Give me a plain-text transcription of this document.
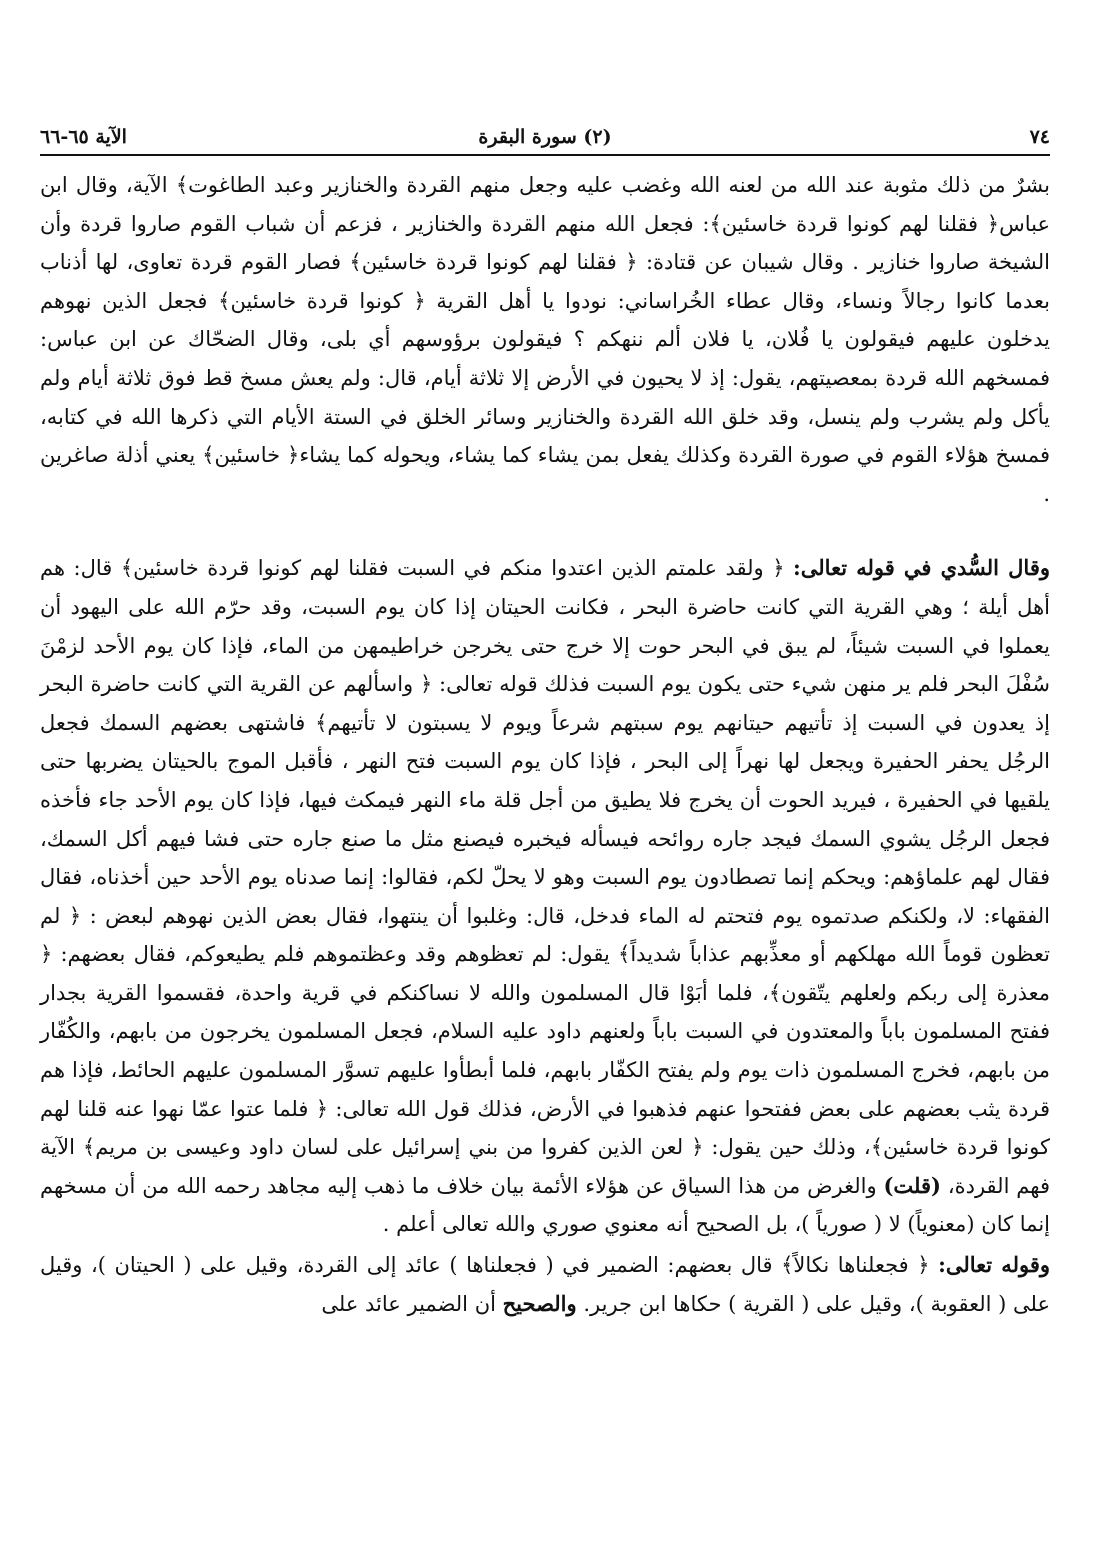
٧٤
(٢) سورة البقرة
الآية ٦٥-٦٦

بشرٌ من ذلك مثوبة عند الله من لعنه الله وغضب عليه وجعل منهم القردة والخنازير وعبد الطاغوت﴾ الآية، وقال ابن عباس﴿ فقلنا لهم كونوا قردة خاسئين﴾: فجعل الله منهم القردة والخنازير ، فزعم أن شباب القوم صاروا قردة وأن الشيخة صاروا خنازير . وقال شيبان عن قتادة: ﴿ فقلنا لهم كونوا قردة خاسئين﴾ فصار القوم قردة تعاوى، لها أذناب بعدما كانوا رجالاً ونساء، وقال عطاء الخُراساني: نودوا يا أهل القرية ﴿ كونوا قردة خاسئين﴾ فجعل الذين نهوهم يدخلون عليهم فيقولون يا فُلان، يا فلان ألم ننهكم ؟ فيقولون برؤوسهم أي بلى، وقال الضحّاك عن ابن عباس: فمسخهم الله قردة بمعصيتهم، يقول: إذ لا يحيون في الأرض إلا ثلاثة أيام، قال: ولم يعش مسخ قط فوق ثلاثة أيام ولم يأكل ولم يشرب ولم ينسل، وقد خلق الله القردة والخنازير وسائر الخلق في الستة الأيام التي ذكرها الله في كتابه، فمسخ هؤلاء القوم في صورة القردة وكذلك يفعل بمن يشاء كما يشاء، ويحوله كما يشاء﴿ خاسئين﴾ يعني أذلة صاغرين .

وقال السُّدي في قوله تعالى: ﴿ ولقد علمتم الذين اعتدوا منكم في السبت فقلنا لهم كونوا قردة خاسئين﴾ قال: هم أهل أيلة ؛ وهي القرية التي كانت حاضرة البحر ، فكانت الحيتان إذا كان يوم السبت، وقد حرّم الله على اليهود أن يعملوا في السبت شيئاً، لم يبق في البحر حوت إلا خرج حتى يخرجن خراطيمهن من الماء، فإذا كان يوم الأحد لزمْنَ سُفْلَ البحر فلم ير منهن شيء حتى يكون يوم السبت فذلك قوله تعالى: ﴿ واسألهم عن القرية التي كانت حاضرة البحر إذ يعدون في السبت إذ تأتيهم حيتانهم يوم سبتهم شرعاً ويوم لا يسبتون لا تأتيهم﴾ فاشتهى بعضهم السمك فجعل الرجُل يحفر الحفيرة ويجعل لها نهراً إلى البحر ، فإذا كان يوم السبت فتح النهر ، فأقبل الموج بالحيتان يضربها حتى يلقيها في الحفيرة ، فيريد الحوت أن يخرج فلا يطيق من أجل قلة ماء النهر فيمكث فيها، فإذا كان يوم الأحد جاء فأخذه فجعل الرجُل يشوي السمك فيجد جاره روائحه فيسأله فيخبره فيصنع مثل ما صنع جاره حتى فشا فيهم أكل السمك، فقال لهم علماؤهم: ويحكم إنما تصطادون يوم السبت وهو لا يحلّ لكم، فقالوا: إنما صدناه يوم الأحد حين أخذناه، فقال الفقهاء: لا، ولكنكم صدتموه يوم فتحتم له الماء فدخل، قال: وغلبوا أن ينتهوا، فقال بعض الذين نهوهم لبعض : ﴿ لم تعظون قوماً الله مهلكهم أو معذِّبهم عذاباً شديداً﴾ يقول: لم تعظوهم وقد وعظتموهم فلم يطيعوكم، فقال بعضهم: ﴿ معذرة إلى ربكم ولعلهم يتّقون﴾، فلما أبَوْا قال المسلمون والله لا نساكنكم في قرية واحدة، فقسموا القرية بجدار ففتح المسلمون باباً والمعتدون في السبت باباً ولعنهم داود عليه السلام، فجعل المسلمون يخرجون من بابهم، والكُفّار من بابهم، فخرج المسلمون ذات يوم ولم يفتح الكفّار بابهم، فلما أبطأوا عليهم تسوَّر المسلمون عليهم الحائط، فإذا هم قردة يثب بعضهم على بعض ففتحوا عنهم فذهبوا في الأرض، فذلك قول الله تعالى: ﴿ فلما عتوا عمّا نهوا عنه قلنا لهم كونوا قردة خاسئين﴾، وذلك حين يقول: ﴿ لعن الذين كفروا من بني إسرائيل على لسان داود وعيسى بن مريم﴾ الآية فهم القردة، (قلت) والغرض من هذا السياق عن هؤلاء الأئمة بيان خلاف ما ذهب إليه مجاهد رحمه الله من أن مسخهم إنما كان (معنوياً) لا ( صورياً )، بل الصحيح أنه معنوي صوري والله تعالى أعلم .

وقوله تعالى: ﴿ فجعلناها نكالاً﴾ قال بعضهم: الضمير في ( فجعلناها ) عائد إلى القردة، وقيل على ( الحيتان )، وقيل على ( العقوبة )، وقيل على ( القرية ) حكاها ابن جرير. والصحيح أن الضمير عائد على
